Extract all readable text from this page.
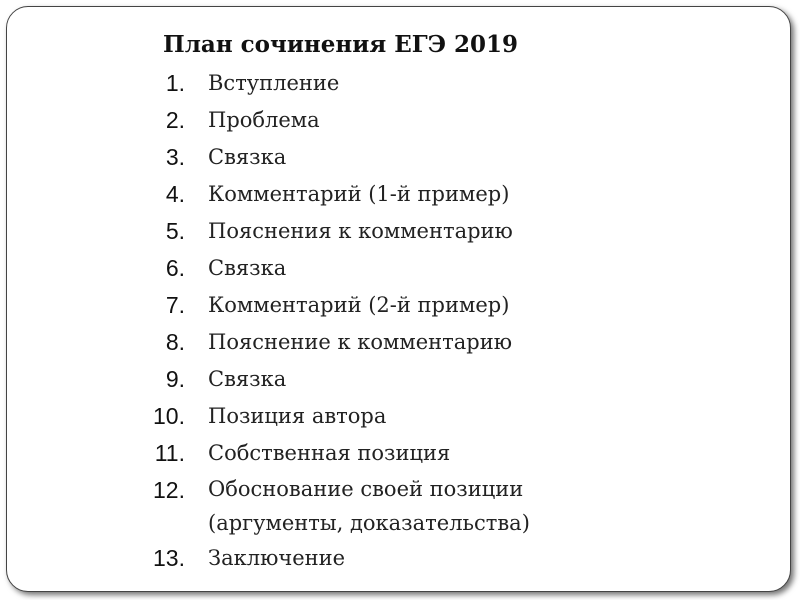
План сочинения ЕГЭ 2019
1. Вступление
2. Проблема
3. Связка
4. Комментарий (1-й пример)
5. Пояснения к комментарию
6. Связка
7. Комментарий (2-й пример)
8. Пояснение к комментарию
9. Связка
10. Позиция автора
11. Собственная позиция
12. Обоснование своей позиции
(аргументы, доказательства)
13. Заключение
